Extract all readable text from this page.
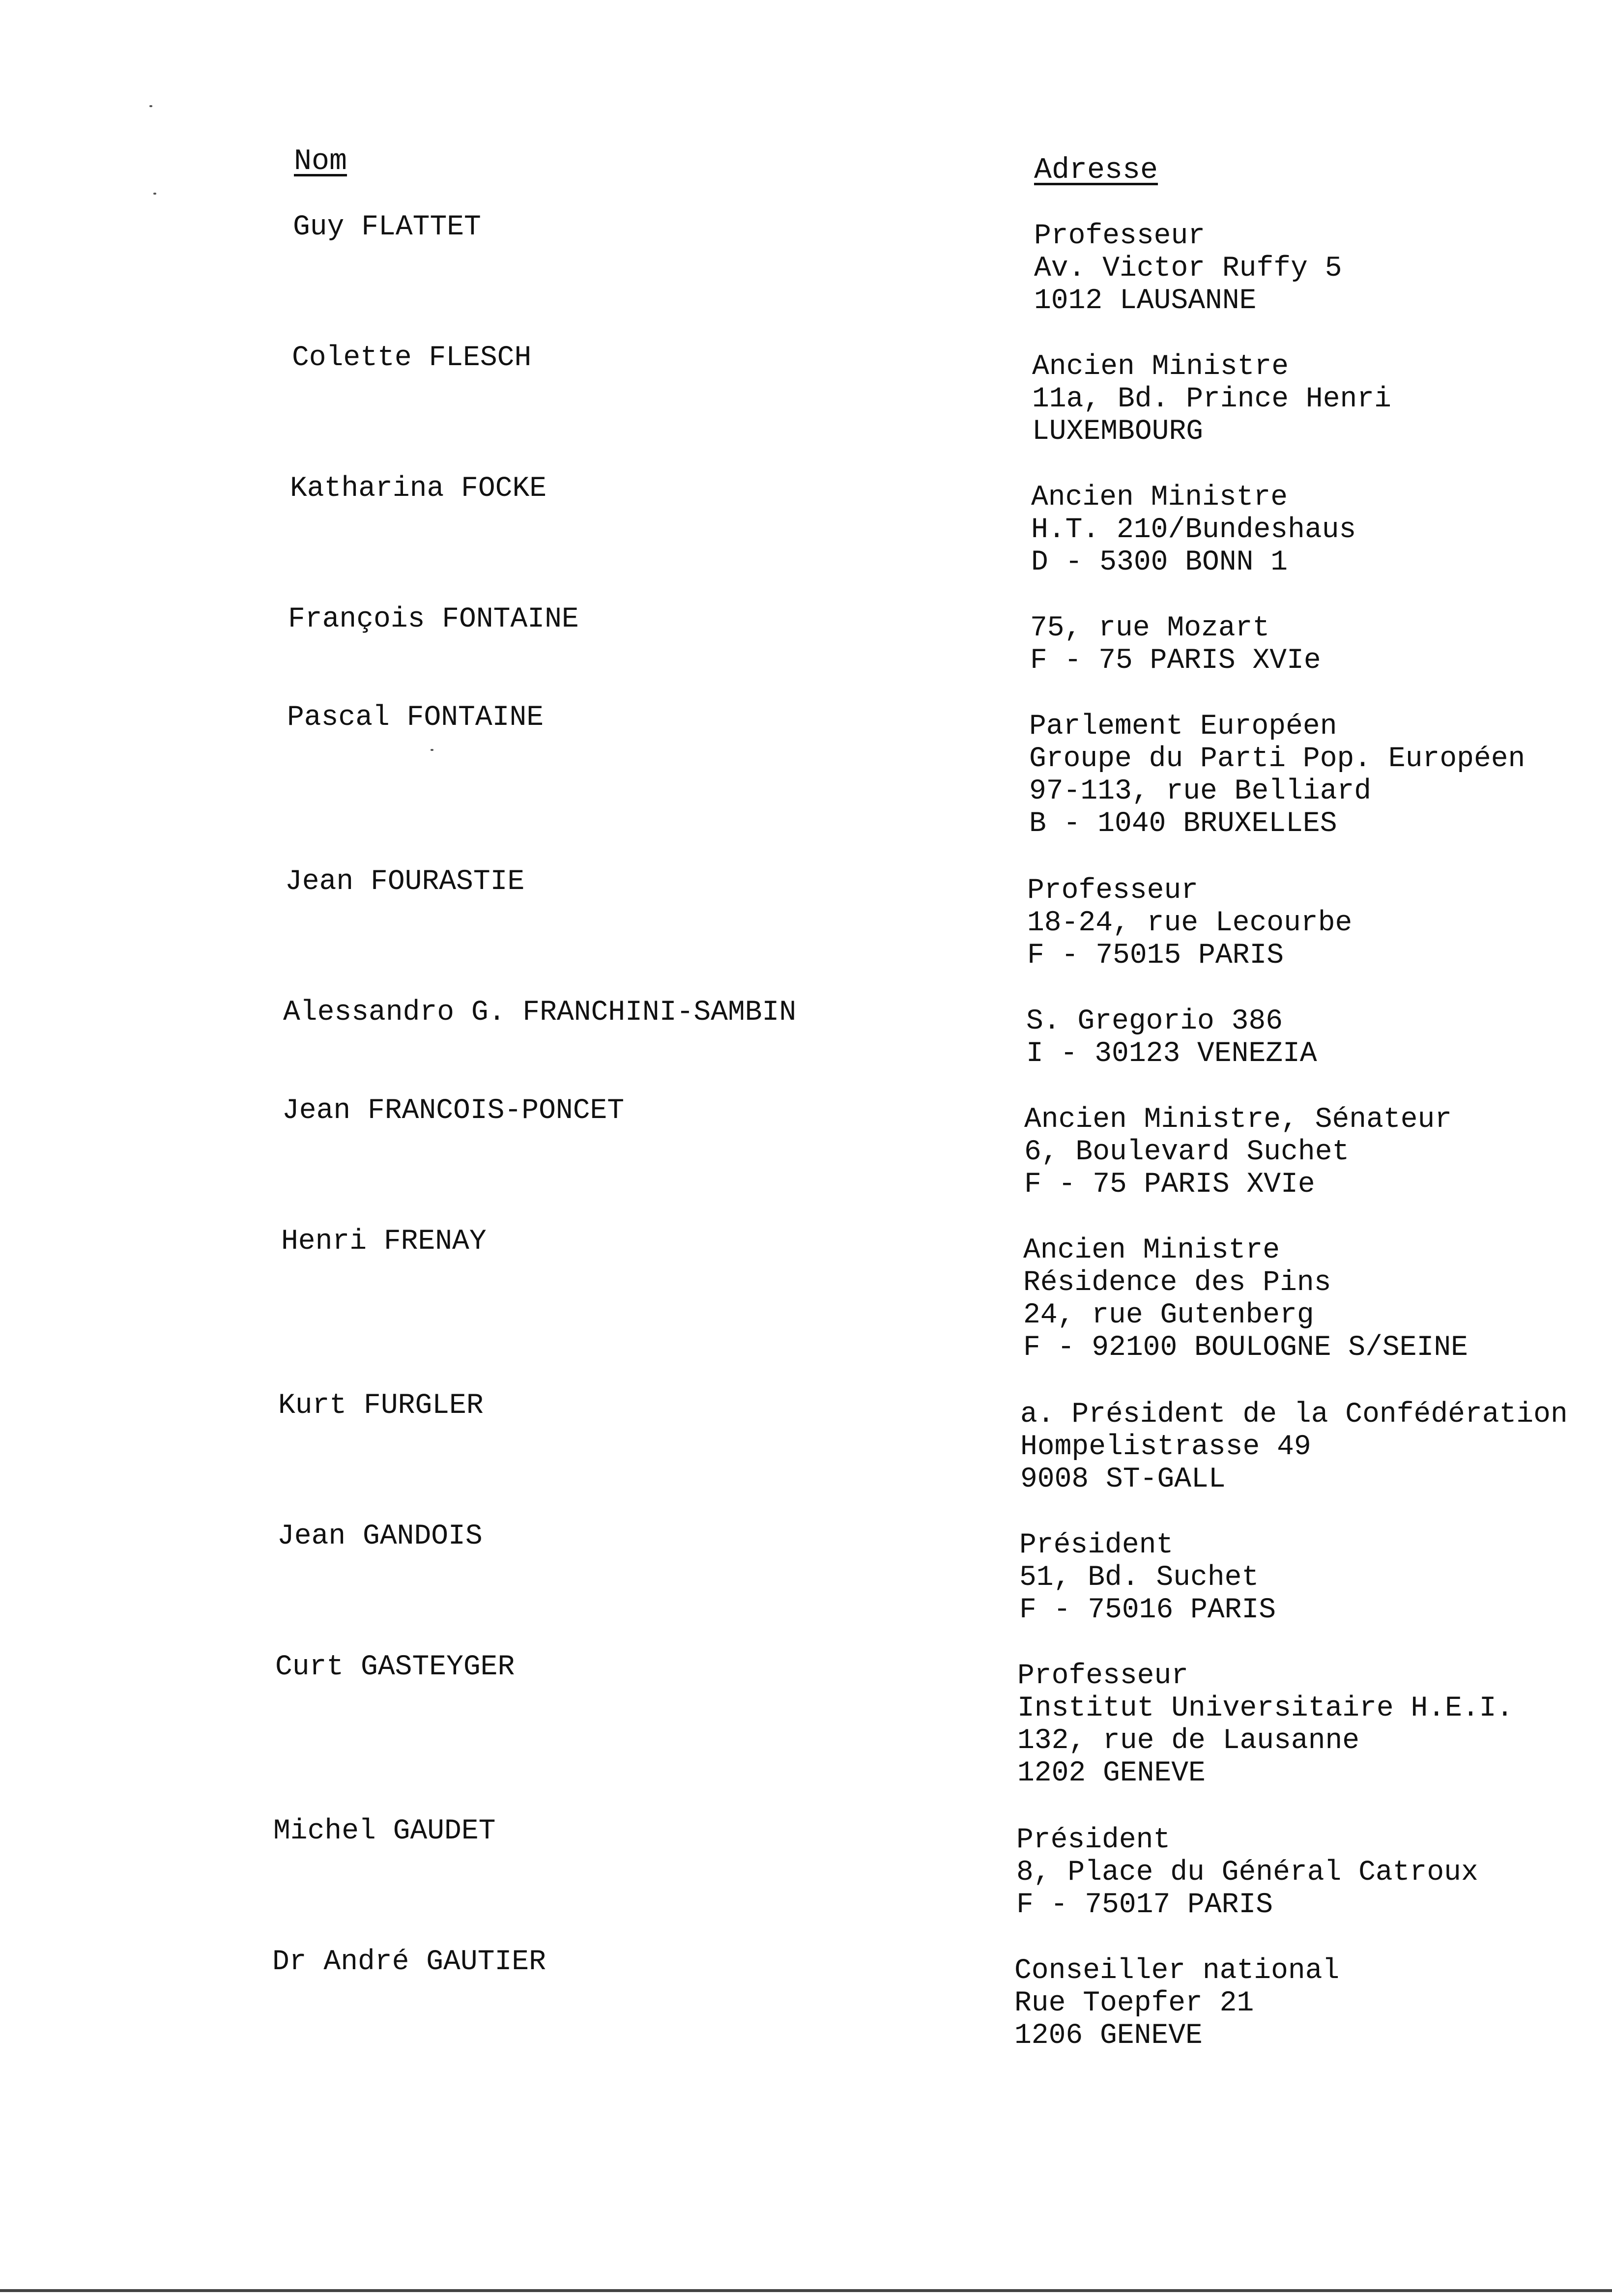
Nom	Adresse
Guy FLATTET	Professeur
Av. Victor Ruffy 5
1012 LAUSANNE
Colette FLESCH	Ancien Ministre
11a, Bd. Prince Henri
LUXEMBOURG
Katharina FOCKE	Ancien Ministre
H.T. 210/Bundeshaus
D - 5300 BONN 1
François FONTAINE	75, rue Mozart
F - 75 PARIS XVIe
Pascal FONTAINE	Parlement Européen
Groupe du Parti Pop. Européen
97-113, rue Belliard
B - 1040 BRUXELLES
Jean FOURASTIE	Professeur
18-24, rue Lecourbe
F - 75015 PARIS
Alessandro G. FRANCHINI-SAMBIN	S. Gregorio 386
I - 30123 VENEZIA
Jean FRANCOIS-PONCET	Ancien Ministre, Sénateur
6, Boulevard Suchet
F - 75 PARIS XVIe
Henri FRENAY	Ancien Ministre
Résidence des Pins
24, rue Gutenberg
F - 92100 BOULOGNE S/SEINE
Kurt FURGLER	a. Président de la Confédération
Hompelistrasse 49
9008 ST-GALL
Jean GANDOIS	Président
51, Bd. Suchet
F - 75016 PARIS
Curt GASTEYGER	Professeur
Institut Universitaire H.E.I.
132, rue de Lausanne
1202 GENEVE
Michel GAUDET	Président
8, Place du Général Catroux
F - 75017 PARIS
Dr André GAUTIER	Conseiller national
Rue Toepfer 21
1206 GENEVE
